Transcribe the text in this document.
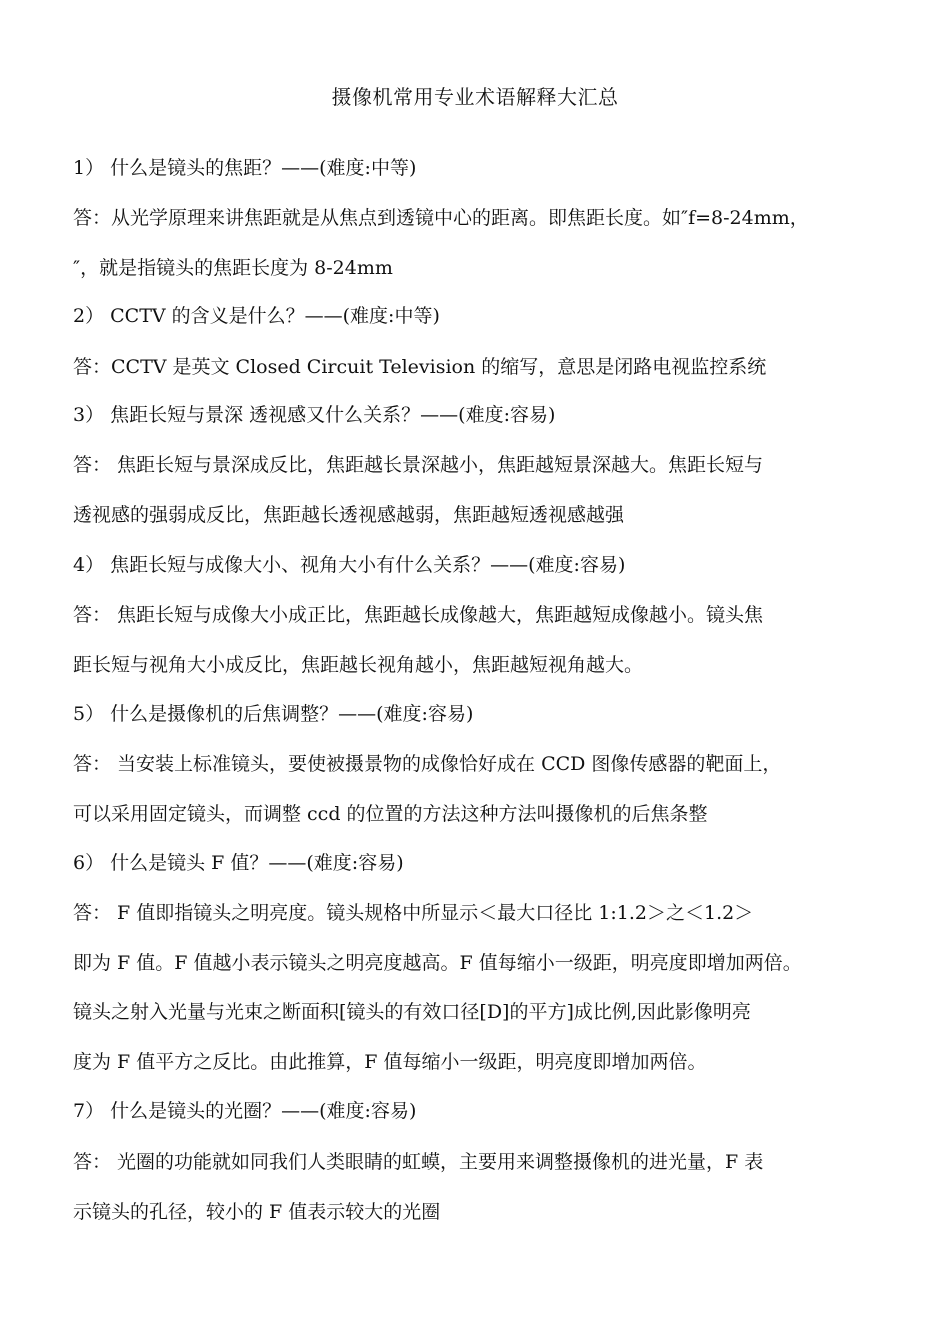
摄像机常用专业术语解释大汇总
1） 什么是镜头的焦距？——(难度:中等)
答：从光学原理来讲焦距就是从焦点到透镜中心的距离。即焦距长度。如″f=8-24mm，
″，就是指镜头的焦距长度为 8-24mm
2） CCTV 的含义是什么？——(难度:中等)
答：CCTV 是英文 Closed Circuit Television 的缩写，意思是闭路电视监控系统
3） 焦距长短与景深 透视感又什么关系？——(难度:容易)
答： 焦距长短与景深成反比，焦距越长景深越小，焦距越短景深越大。焦距长短与
透视感的强弱成反比，焦距越长透视感越弱，焦距越短透视感越强
4） 焦距长短与成像大小、视角大小有什么关系？——(难度:容易)
答： 焦距长短与成像大小成正比，焦距越长成像越大，焦距越短成像越小。镜头焦
距长短与视角大小成反比，焦距越长视角越小，焦距越短视角越大。
5） 什么是摄像机的后焦调整？——(难度:容易)
答： 当安装上标准镜头，要使被摄景物的成像恰好成在 CCD 图像传感器的靶面上，
可以采用固定镜头，而调整 ccd 的位置的方法这种方法叫摄像机的后焦条整
6） 什么是镜头 F 值？——(难度:容易)
答： F 值即指镜头之明亮度。镜头规格中所显示＜最大口径比 1:1.2＞之＜1.2＞
即为 F 值。F 值越小表示镜头之明亮度越高。F 值每缩小一级距，明亮度即增加两倍。
镜头之射入光量与光束之断面积[镜头的有效口径[D]的平方]成比例,因此影像明亮
度为 F 值平方之反比。由此推算，F 值每缩小一级距，明亮度即增加两倍。
7） 什么是镜头的光圈？——(难度:容易)
答： 光圈的功能就如同我们人类眼睛的虹蟆，主要用来调整摄像机的进光量，F 表
示镜头的孔径，较小的 F 值表示较大的光圈
